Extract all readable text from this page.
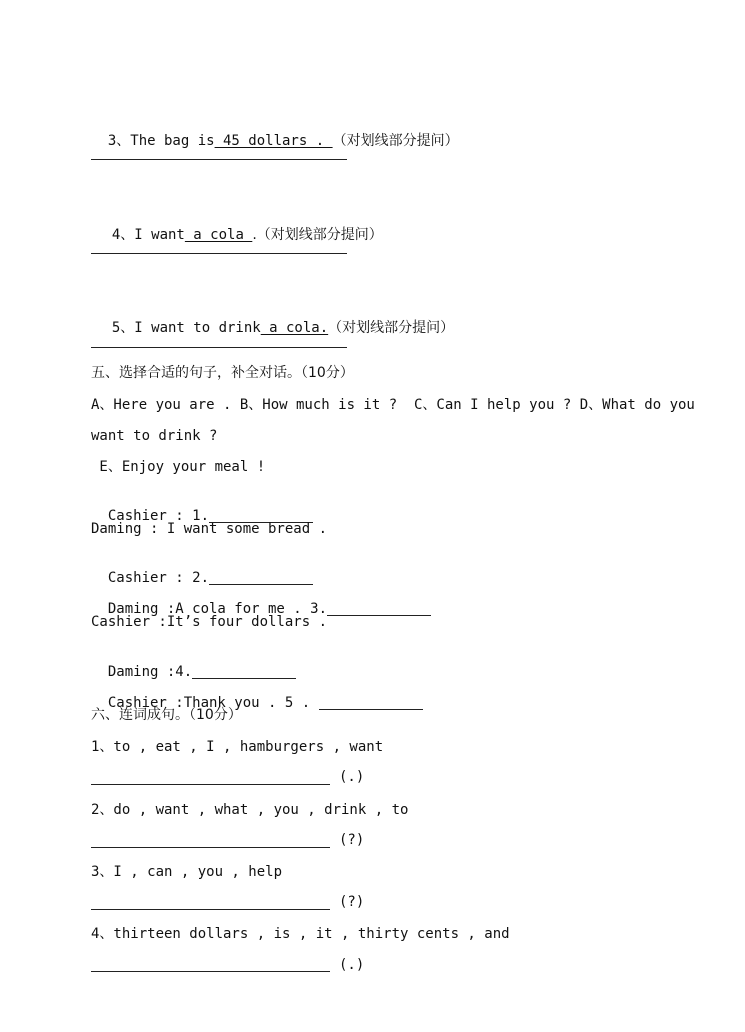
3、The bag is 45 dollars . （对划线部分提问）

4、I want a cola .（对划线部分提问）

5、I want to drink a cola.（对划线部分提问）

五、选择合适的句子，补全对话。（10分）
A、Here you are . B、How much is it ?  C、Can I help you ? D、What do you
want to drink ?
E、Enjoy your meal !

Cashier : 1.

Daming : I want some bread .

Cashier : 2.

Daming :A cola for me . 3.

Cashier :It’s four dollars .

Daming :4.

Cashier :Thank you . 5 .

六、连词成句。（10分）
1、to , eat , I , hamburgers , want
(.)
2、do , want , what , you , drink , to
(?)
3、I , can , you , help
(?)
4、thirteen dollars , is , it , thirty cents , and
(.)
